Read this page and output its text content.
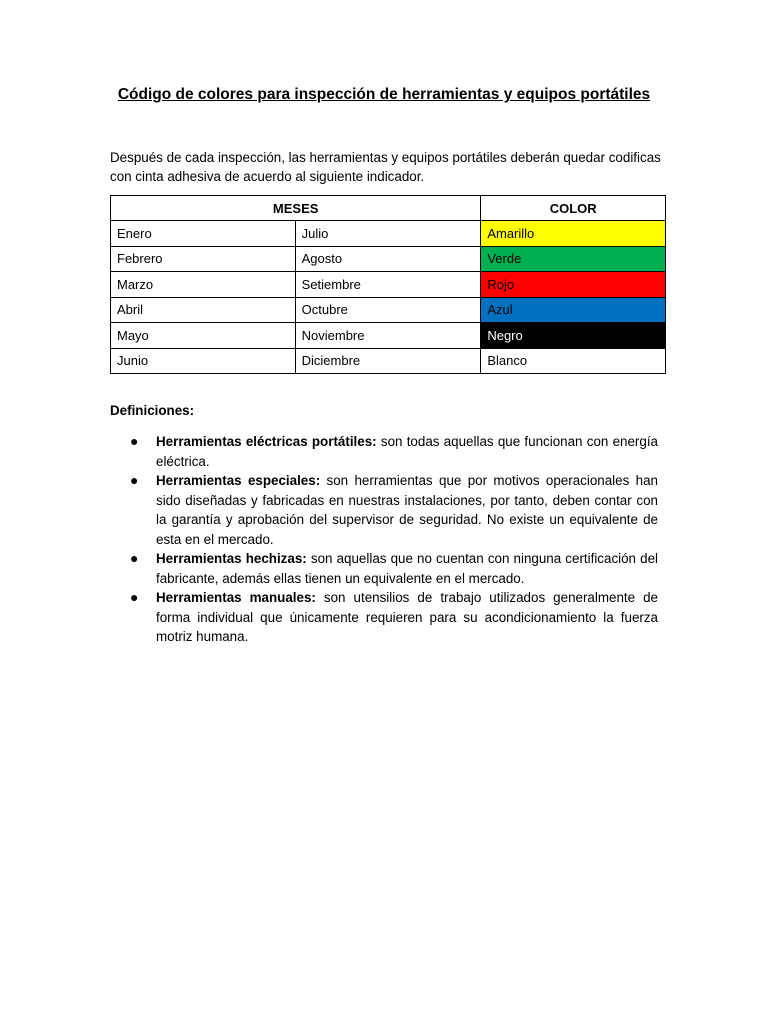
Código de colores para inspección de herramientas y equipos portátiles
Después de cada inspección, las herramientas y equipos portátiles deberán quedar codificas con cinta adhesiva de acuerdo al siguiente indicador.
MESES		COLOR
Enero	Julio	Amarillo
Febrero	Agosto	Verde
Marzo	Setiembre	Rojo
Abril	Octubre	Azul
Mayo	Noviembre	Negro
Junio	Diciembre	Blanco
Definiciones:
● Herramientas eléctricas portátiles: son todas aquellas que funcionan con energía eléctrica.
● Herramientas especiales: son herramientas que por motivos operacionales han sido diseñadas y fabricadas en nuestras instalaciones, por tanto, deben contar con la garantía y aprobación del supervisor de seguridad. No existe un equivalente de esta en el mercado.
● Herramientas hechizas: son aquellas que no cuentan con ninguna certificación del fabricante, además ellas tienen un equivalente en el mercado.
● Herramientas manuales: son utensilios de trabajo utilizados generalmente de forma individual que únicamente requieren para su acondicionamiento la fuerza motriz humana.
